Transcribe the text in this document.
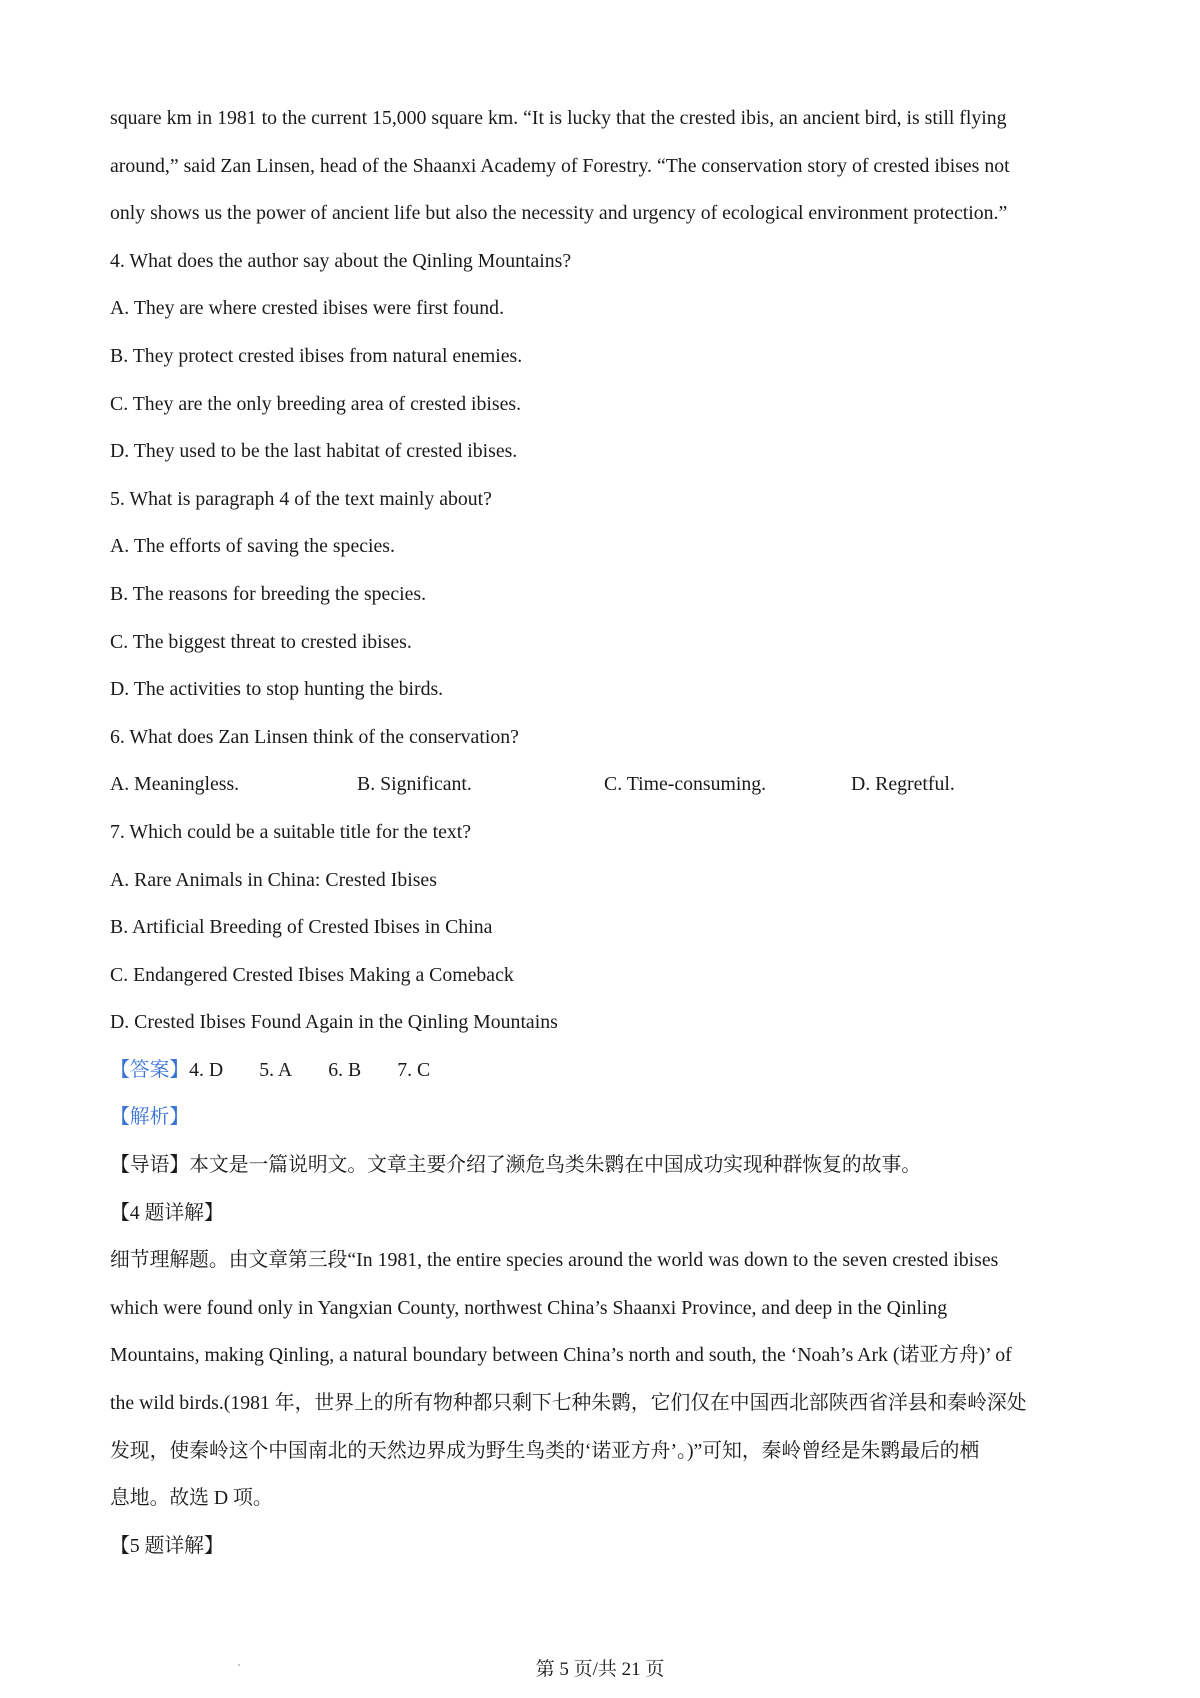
square km in 1981 to the current 15,000 square km. “It is lucky that the crested ibis, an ancient bird, is still flying

around,” said Zan Linsen, head of the Shaanxi Academy of Forestry. “The conservation story of crested ibises not

only shows us the power of ancient life but also the necessity and urgency of ecological environment protection.”

4. What does the author say about the Qinling Mountains?

A. They are where crested ibises were first found.

B. They protect crested ibises from natural enemies.

C. They are the only breeding area of crested ibises.

D. They used to be the last habitat of crested ibises.

5. What is paragraph 4 of the text mainly about?

A. The efforts of saving the species.

B. The reasons for breeding the species.

C. The biggest threat to crested ibises.

D. The activities to stop hunting the birds.

6. What does Zan Linsen think of the conservation?

A. Meaningless.	B. Significant.	C. Time-consuming.	D. Regretful.

7. Which could be a suitable title for the text?

A. Rare Animals in China: Crested Ibises

B. Artificial Breeding of Crested Ibises in China

C. Endangered Crested Ibises Making a Comeback

D. Crested Ibises Found Again in the Qinling Mountains

【答案】4. D 5. A 6. B 7. C

【解析】

【导语】本文是一篇说明文。文章主要介绍了濒危鸟类朱鹮在中国成功实现种群恢复的故事。

【4 题详解】

细节理解题。由文章第三段“In 1981, the entire species around the world was down to the seven crested ibises

which were found only in Yangxian County, northwest China’s Shaanxi Province, and deep in the Qinling

Mountains, making Qinling, a natural boundary between China’s north and south, the ‘Noah’s Ark (诺亚方舟)’ of

the wild birds.(1981 年，世界上的所有物种都只剩下七种朱鹮，它们仅在中国西北部陕西省洋县和秦岭深处

发现，使秦岭这个中国南北的天然边界成为野生鸟类的‘诺亚方舟’。)”可知，秦岭曾经是朱鹮最后的栖

息地。故选 D 项。

【5 题详解】

第 5 页/共 21 页
